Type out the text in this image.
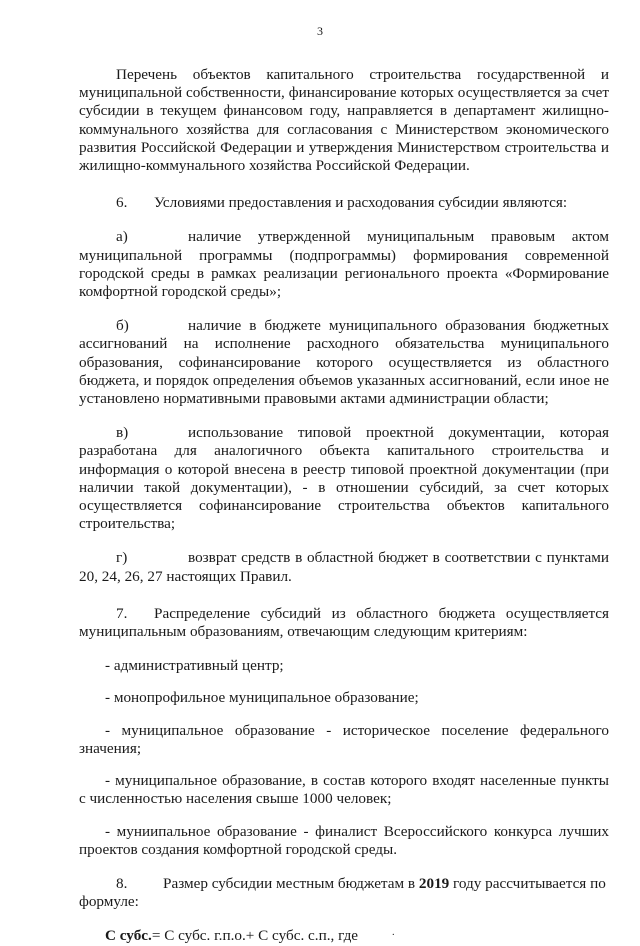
3

Перечень объектов капитального строительства государственной и муниципальной собственности, финансирование которых осуществляется за счет субсидии в текущем финансовом году, направляется в департамент жилищно-коммунального хозяйства для согласования с Министерством экономического развития Российской Федерации и утверждения Министерством строительства и жилищно-коммунального хозяйства Российской Федерации.

6.	Условиями предоставления и расходования субсидии являются:

а)	наличие утвержденной муниципальным правовым актом муниципальной программы (подпрограммы) формирования современной городской среды в рамках реализации регионального проекта «Формирование комфортной городской среды»;

б)	наличие в бюджете муниципального образования бюджетных ассигнований на исполнение расходного обязательства муниципального образования, софинансирование которого осуществляется из областного бюджета, и порядок определения объемов указанных ассигнований, если иное не установлено нормативными правовыми актами администрации области;

в)	использование типовой проектной документации, которая разработана для аналогичного объекта капитального строительства и информация о которой внесена в реестр типовой проектной документации (при наличии такой документации), - в отношении субсидий, за счет которых осуществляется софинансирование строительства объектов капитального строительства;

г)	возврат средств в областной бюджет в соответствии с пунктами 20, 24, 26, 27 настоящих Правил.

7. Распределение субсидий из областного бюджета осуществляется муниципальным образованиям, отвечающим следующим критериям:

- административный центр;

- монопрофильное муниципальное образование;

- муниципальное образование - историческое поселение федерального значения;

- муниципальное образование, в состав которого входят населенные пункты с численностью населения свыше 1000 человек;

- муниипальное образование - финалист Всероссийского конкурса лучших проектов создания комфортной городской среды.

8. Размер субсидии местным бюджетам в 2019 году рассчитывается по формуле:

С субс.= С субс. г.п.о.+ С субс. с.п., где	·
